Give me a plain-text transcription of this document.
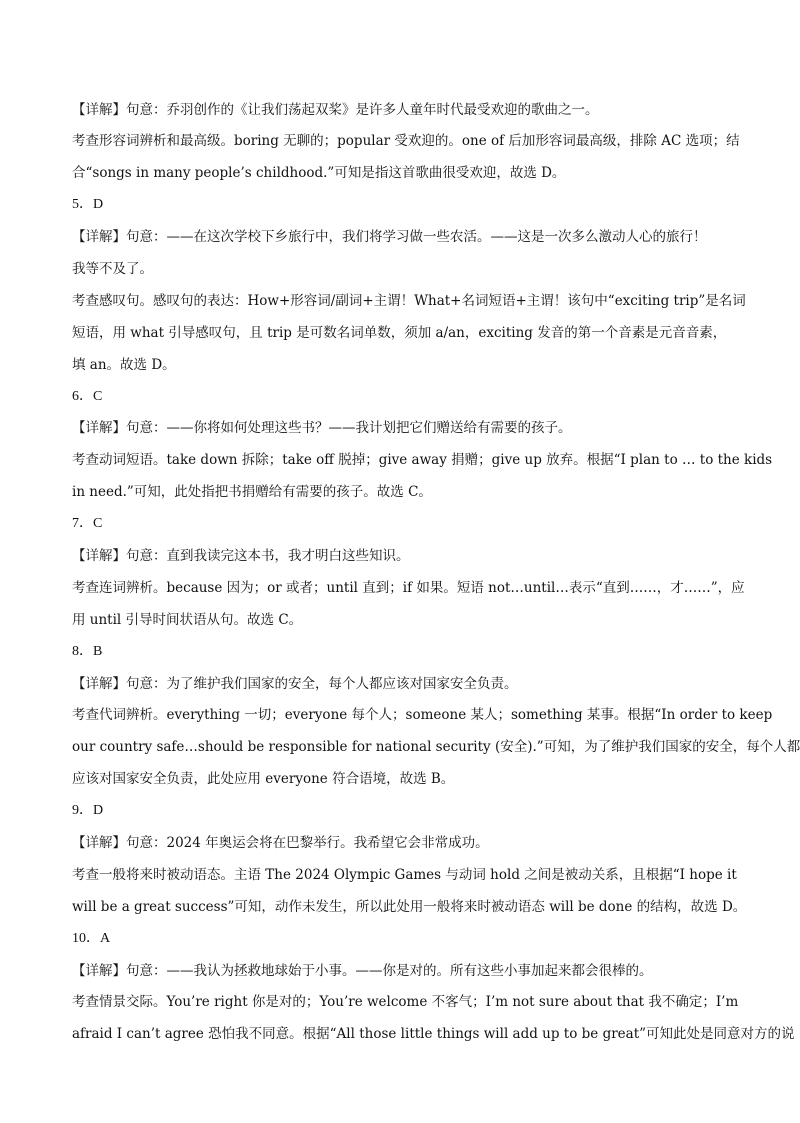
【详解】句意：乔羽创作的《让我们荡起双桨》是许多人童年时代最受欢迎的歌曲之一。
考查形容词辨析和最高级。boring 无聊的；popular 受欢迎的。one of 后加形容词最高级，排除 AC 选项；结
合“songs in many people’s childhood.”可知是指这首歌曲很受欢迎，故选 D。
5．D
【详解】句意：——在这次学校下乡旅行中，我们将学习做一些农活。——这是一次多么激动人心的旅行！
我等不及了。
考查感叹句。感叹句的表达：How+形容词/副词+主谓！What+名词短语+主谓！该句中“exciting trip”是名词
短语，用 what 引导感叹句，且 trip 是可数名词单数，须加 a/an，exciting 发音的第一个音素是元音音素，
填 an。故选 D。
6．C
【详解】句意：——你将如何处理这些书？——我计划把它们赠送给有需要的孩子。
考查动词短语。take down 拆除；take off 脱掉；give away 捐赠；give up 放弃。根据“I plan to … to the kids
in need.”可知，此处指把书捐赠给有需要的孩子。故选 C。
7．C
【详解】句意：直到我读完这本书，我才明白这些知识。
考查连词辨析。because 因为；or 或者；until 直到；if 如果。短语 not…until…表示“直到……，才……”，应
用 until 引导时间状语从句。故选 C。
8．B
【详解】句意：为了维护我们国家的安全，每个人都应该对国家安全负责。
考查代词辨析。everything 一切；everyone 每个人；someone 某人；something 某事。根据“In order to keep
our country safe…should be responsible for national security (安全).”可知，为了维护我们国家的安全，每个人都
应该对国家安全负责，此处应用 everyone 符合语境，故选 B。
9．D
【详解】句意：2024 年奥运会将在巴黎举行。我希望它会非常成功。
考查一般将来时被动语态。主语 The 2024 Olympic Games 与动词 hold 之间是被动关系，且根据“I hope it
will be a great success”可知，动作未发生，所以此处用一般将来时被动语态 will be done 的结构，故选 D。
10．A
【详解】句意：——我认为拯救地球始于小事。——你是对的。所有这些小事加起来都会很棒的。
考查情景交际。You’re right 你是对的；You’re welcome 不客气；I’m not sure about that 我不确定；I’m
afraid I can’t agree 恐怕我不同意。根据“All those little things will add up to be great”可知此处是同意对方的说
